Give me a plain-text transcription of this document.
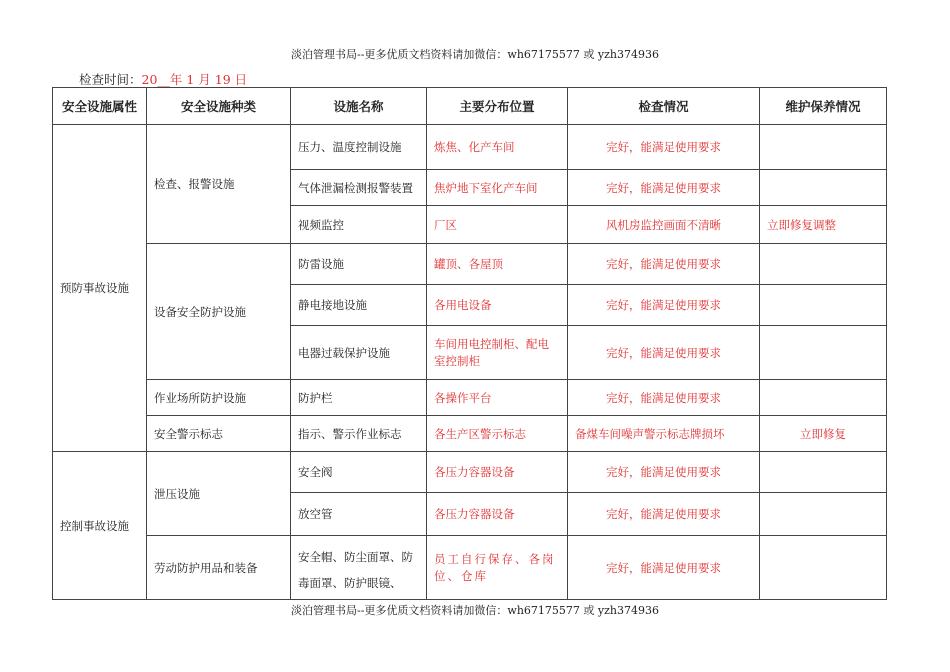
淡泊管理书局--更多优质文档资料请加微信：wh67175577 或 yzh374936
检查时间：20__年 1 月 19 日
安全设施属性	安全设施种类	设施名称	主要分布位置	检查情况	维护保养情况
预防事故设施	检查、报警设施	压力、温度控制设施	炼焦、化产车间	完好，能满足使用要求	
		气体泄漏检测报警装置	焦炉地下室化产车间	完好，能满足使用要求	
		视频监控	厂区	风机房监控画面不清晰	立即修复调整
	设备安全防护设施	防雷设施	罐顶、各屋顶	完好，能满足使用要求	
		静电接地设施	各用电设备	完好，能满足使用要求	
		电器过载保护设施	车间用电控制柜、配电室控制柜	完好，能满足使用要求	
	作业场所防护设施	防护栏	各操作平台	完好，能满足使用要求	
	安全警示标志	指示、警示作业标志	各生产区警示标志	备煤车间噪声警示标志牌损坏	立即修复
控制事故设施	泄压设施	安全阀	各压力容器设备	完好，能满足使用要求	
		放空管	各压力容器设备	完好，能满足使用要求	
	劳动防护用品和装备	安全帽、防尘面罩、防毒面罩、防护眼镜、	员工自行保存、各岗位、仓库	完好，能满足使用要求	
淡泊管理书局--更多优质文档资料请加微信：wh67175577 或 yzh374936
